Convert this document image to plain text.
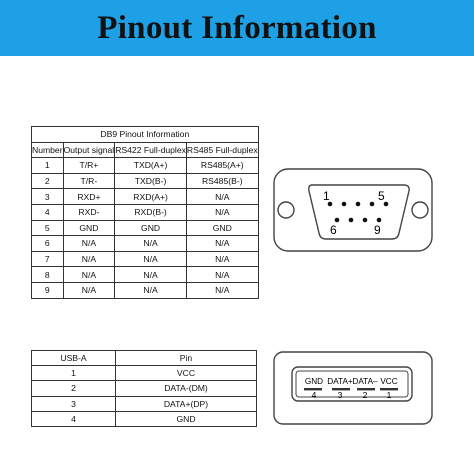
Pinout Information
DB9 Pinout Information			
Number	Output signal	RS422 Full-duplex	RS485 Full-duplex
1	T/R+	TXD(A+)	RS485(A+)
2	T/R-	TXD(B-)	RS485(B-)
3	RXD+	RXD(A+)	N/A
4	RXD-	RXD(B-)	N/A
5	GND	GND	GND
6	N/A	N/A	N/A
7	N/A	N/A	N/A
8	N/A	N/A	N/A
9	N/A	N/A	N/A
1	5
6	9
USB-A	Pin
1	VCC
2	DATA-(DM)
3	DATA+(DP)
4	GND
GND DATA+ DATA– VCC
4	3 2 1
